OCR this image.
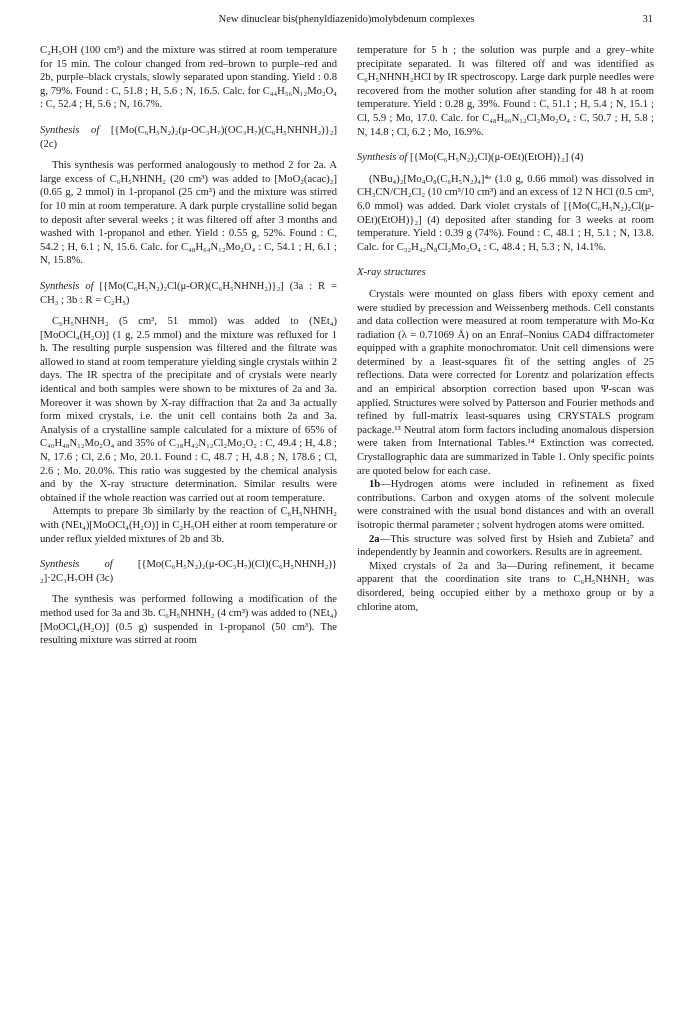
New dinuclear bis(phenyldiazenido)molybdenum complexes	31

C₂H₅OH (100 cm³) and the mixture was stirred at room temperature for 15 min. The colour changed from red–brown to purple–red and 2b, purple–black crystals, slowly separated upon standing. Yield : 0.8 g, 79%. Found : C, 51.8 ; H, 5.6 ; N, 16.5. Calc. for C₄₄H₅₆N₁₂Mo₂O₄ : C, 52.4 ; H, 5.6 ; N, 16.7%.

Synthesis of [{Mo(C₆H₅N₂)₂(μ-OC₃H₇)(OC₃H₇)(C₆H₅NHNH₂)}₂] (2c)

This synthesis was performed analogously to method 2 for 2a. A large excess of C₆H₅NHNH₂ (20 cm³) was added to [MoO₂(acac)₂] (0.65 g, 2 mmol) in 1-propanol (25 cm³) and the mixture was stirred for 10 min at room temperature. A dark purple crystalline solid began to deposit after several weeks ; it was filtered off after 3 months and washed with 1-propanol and ether. Yield : 0.55 g, 52%. Found : C, 54.2 ; H, 6.1 ; N, 15.6. Calc. for C₄₈H₆₄N₁₂Mo₂O₄ : C, 54.1 ; H, 6.1 ; N, 15.8%.

Synthesis of [{Mo(C₆H₅N₂)₂Cl(μ-OR)(C₆H₅NHNH₂)}₂] (3a : R = CH₃ ; 3b : R = C₂H₅)

C₆H₅NHNH₂ (5 cm³, 51 mmol) was added to (NEt₄)[MoOCl₄(H₂O)] (1 g, 2.5 mmol) and the mixture was refluxed for 1 h. The resulting purple suspension was filtered and the filtrate was allowed to stand at room temperature yielding single crystals within 2 days. The IR spectra of the precipitate and of crystals were nearly identical and both samples were shown to be mixtures of 2a and 3a. Moreover it was shown by X-ray diffraction that 2a and 3a actually form mixed crystals, i.e. the unit cell contains both 2a and 3a. Analysis of a crystalline sample calculated for a mixture of 65% of C₄₀H₄₈N₁₂Mo₂O₄ and 35% of C₃₈H₄₂N₁₂Cl₂Mo₂O₂ : C, 49.4 ; H, 4.8 ; N, 17.6 ; Cl, 2.6 ; Mo, 20.1. Found : C, 48.7 ; H, 4.8 ; N, 178.6 ; Cl, 2.6 ; Mo. 20.0%. This ratio was suggested by the chemical analysis and by the X-ray structure determination. Similar results were obtained if the whole reaction was carried out at room temperature.

Attempts to prepare 3b similarly by the reaction of C₆H₅NHNH₂ with (NEt₄)[MoOCl₄(H₂O)] in C₂H₅OH either at room temperature or under reflux yielded mixtures of 2b and 3b.

Synthesis of [{Mo(C₆H₅N₂)₂(μ-OC₃H₇)(Cl)(C₆H₅NHNH₂)}₂]·2C₃H₇OH (3c)

The synthesis was performed following a modification of the method used for 3a and 3b. C₆H₅NHNH₂ (4 cm³) was added to (NEt₄)[MoOCl₄(H₂O)] (0.5 g) suspended in 1-propanol (50 cm³). The resulting mixture was stirred at room

temperature for 5 h ; the solution was purple and a grey–white precipitate separated. It was filtered off and was identified as C₆H₅NHNH₂HCl by IR spectroscopy. Large dark purple needles were recovered from the mother solution after standing for 48 h at room temperature. Yield : 0.28 g, 39%. Found : C, 51.1 ; H, 5.4 ; N, 15.1 ; Cl, 5.9 ; Mo, 17.0. Calc. for C₄₈H₆₆N₁₂Cl₂Mo₂O₄ : C, 50.7 ; H, 5.8 ; N, 14.8 ; Cl, 6.2 ; Mo, 16.9%.

Synthesis of [{Mo(C₆H₅N₂)₂Cl)(μ-OEt)(EtOH)}₂] (4)

(NBu₄)₂[Mo₄O₈(C₆H₅N₂)₄]⁴ᵃ (1.0 g, 0.66 mmol) was dissolved in CH₃CN/CH₂Cl₂ (10 cm³/10 cm³) and an excess of 12 N HCl (0.5 cm³, 6.0 mmol) was added. Dark violet crystals of [{Mo(C₆H₅N₂)₂Cl(μ-OEt)(EtOH)}₂] (4) deposited after standing for 3 weeks at room temperature. Yield : 0.39 g (74%). Found : C, 48.1 ; H, 5.1 ; N, 13.8. Calc. for C₃₂H₄₂N₈Cl₂Mo₂O₄ : C, 48.4 ; H, 5.3 ; N, 14.1%.

X-ray structures

Crystals were mounted on glass fibers with epoxy cement and were studied by precession and Weissenberg methods. Cell constants and data collection were measured at room temperature with Mo-Kα radiation (λ = 0.71069 Å) on an Enraf–Nonius CAD4 diffractometer equipped with a graphite monochromator. Unit cell dimensions were determined by a least-squares fit of the setting angles of 25 reflections. Data were corrected for Lorentz and polarization effects and an empirical absorption correction based upon Ψ-scan was applied. Structures were solved by Patterson and Fourier methods and refined by full-matrix least-squares using CRYSTALS program package.¹³ Neutral atom form factors including anomalous dispersion were taken from International Tables.¹⁴ Extinction was corrected. Crystallographic data are summarized in Table 1. Only specific points are quoted below for each case.

1b—Hydrogen atoms were included in refinement as fixed contributions. Carbon and oxygen atoms of the solvent molecule were constrained with the usual bond distances and with an overall isotropic thermal parameter ; solvent hydrogen atoms were omitted.

2a—This structure was solved first by Hsieh and Zubieta⁷ and independently by Jeannin and coworkers. Results are in agreement.

Mixed crystals of 2a and 3a—During refinement, it became apparent that the coordination site trans to C₆H₅NHNH₂ was disordered, being occupied either by a methoxo group or by a chlorine atom,
